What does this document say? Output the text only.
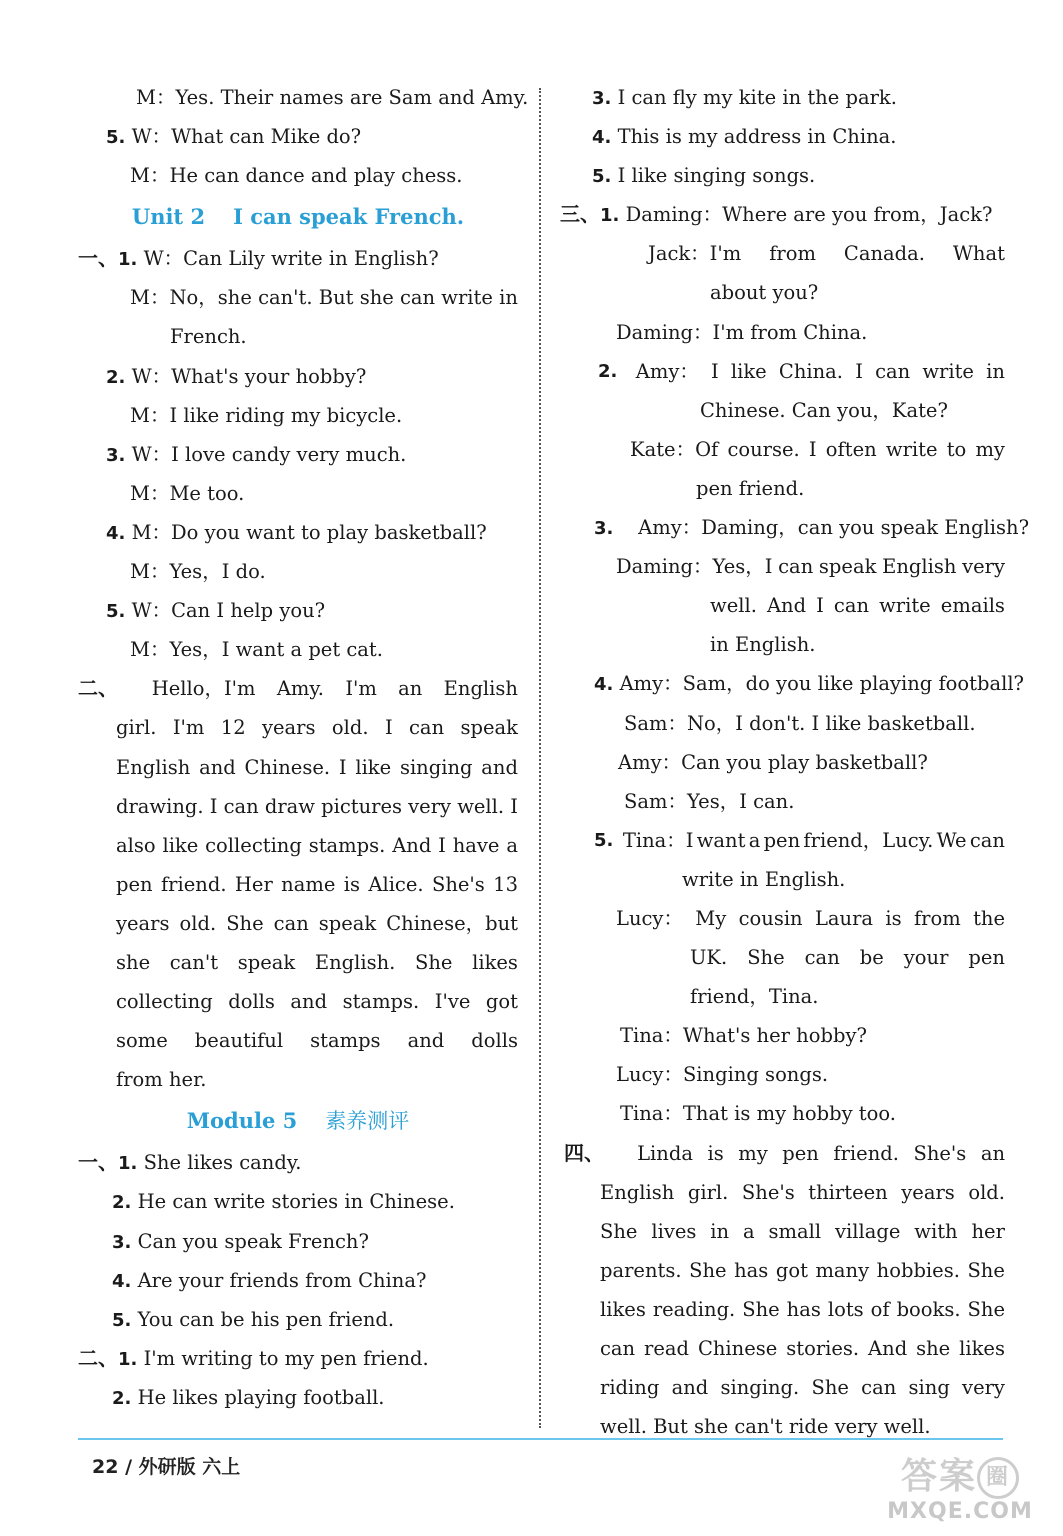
M：Yes. Their names are Sam and Amy.
5. W：What can Mike do?
M：He can dance and play chess.
Unit 2 I can speak French.
一、1. W：Can Lily write in English?
M：No，she can't. But she can write in
French.
2. W：What's your hobby?
M：I like riding my bicycle.
3. W：I love candy very much.
M：Me too.
4. M：Do you want to play basketball?
M：Yes，I do.
5. W：Can I help you?
M：Yes，I want a pet cat.
二、 Hello，I'm Amy. I'm an English
girl. I'm 12 years old. I can speak
English and Chinese. I like singing and
drawing. I can draw pictures very well. I
also like collecting stamps. And I have a
pen friend. Her name is Alice. She's 13
years old. She can speak Chinese，but
she can't speak English. She likes
collecting dolls and stamps. I've got
some beautiful stamps and dolls
from her.
Module 5 素养测评
一、1. She likes candy.
2. He can write stories in Chinese.
3. Can you speak French?
4. Are your friends from China?
5. You can be his pen friend.
二、1. I'm writing to my pen friend.
2. He likes playing football.
3. I can fly my kite in the park.
4. This is my address in China.
5. I like singing songs.
三、1. Daming：Where are you from，Jack?
Jack：I'm from Canada. What
about you?
Daming：I'm from China.
2. Amy： I like China. I can write in
Chinese. Can you，Kate?
Kate：Of course. I often write to my
pen friend.
3.    Amy：Daming，can you speak English?
Daming：Yes，I can speak English very
well. And I can write emails
in English.
4. Amy：Sam，do you like playing football?
Sam：No，I don't. I like basketball.
Amy：Can you play basketball?
Sam：Yes，I can.
5. Tina：I want a pen friend，Lucy. We can
write in English.
Lucy： My cousin Laura is from the
UK. She can be your pen
friend，Tina.
Tina：What's her hobby?
Lucy：Singing songs.
Tina：That is my hobby too.
四、 Linda is my pen friend. She's an
English girl. She's thirteen years old.
She lives in a small village with her
parents. She has got many hobbies. She
likes reading. She has lots of books. She
can read Chinese stories. And she likes
riding and singing. She can sing very
well. But she can't ride very well.
22 / 外研版 六上	答案 圈
MXQE.COM
